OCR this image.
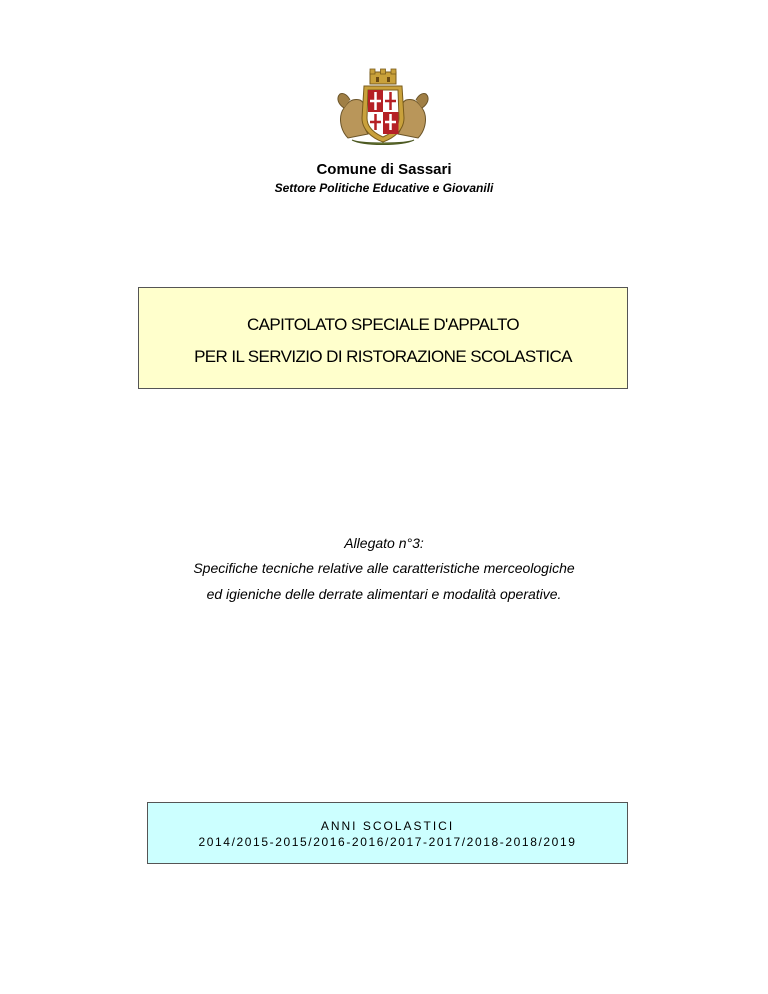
Comune di Sassari
Settore Politiche Educative e Giovanili
CAPITOLATO SPECIALE D'APPALTO
PER IL SERVIZIO DI RISTORAZIONE SCOLASTICA
Allegato n°3:
Specifiche tecniche relative alle caratteristiche merceologiche
ed igieniche delle derrate alimentari e modalità operative.
ANNI SCOLASTICI
2014/2015-2015/2016-2016/2017-2017/2018-2018/2019
